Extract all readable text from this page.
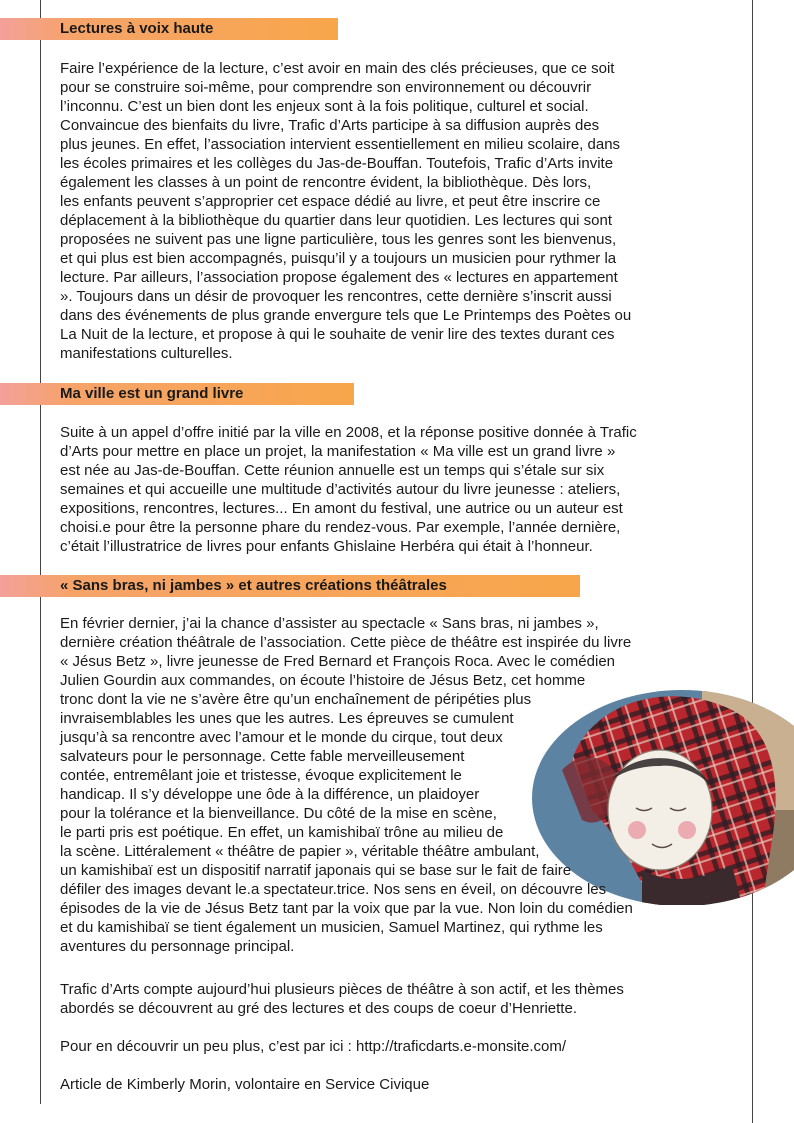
Lectures à voix haute
Faire l’expérience de la lecture, c’est avoir en main des clés précieuses, que ce soit
pour se construire soi-même, pour comprendre son environnement ou découvrir
l’inconnu. C’est un bien dont les enjeux sont à la fois politique, culturel et social.
Convaincue des bienfaits du livre, Trafic d’Arts participe à sa diffusion auprès des
plus jeunes. En effet, l’association intervient essentiellement en milieu scolaire, dans
les écoles primaires et les collèges du Jas-de-Bouffan. Toutefois, Trafic d’Arts invite
également les classes à un point de rencontre évident, la bibliothèque. Dès lors,
les enfants peuvent s’approprier cet espace dédié au livre, et peut être inscrire ce
déplacement à la bibliothèque du quartier dans leur quotidien. Les lectures qui sont
proposées ne suivent pas une ligne particulière, tous les genres sont les bienvenus,
et qui plus est bien accompagnés, puisqu’il y a toujours un musicien pour rythmer la
lecture. Par ailleurs, l’association propose également des « lectures en appartement
». Toujours dans un désir de provoquer les rencontres, cette dernière s’inscrit aussi
dans des événements de plus grande envergure tels que Le Printemps des Poètes ou
La Nuit de la lecture, et propose à qui le souhaite de venir lire des textes durant ces
manifestations culturelles.
Ma ville est un grand livre
Suite à un appel d’offre initié par la ville en 2008, et la réponse positive donnée à Trafic
d’Arts pour mettre en place un projet, la manifestation « Ma ville est un grand livre »
est née au Jas-de-Bouffan. Cette réunion annuelle est un temps qui s’étale sur six
semaines et qui accueille une multitude d’activités autour du livre jeunesse : ateliers,
expositions, rencontres, lectures... En amont du festival, une autrice ou un auteur est
choisi.e pour être la personne phare du rendez-vous. Par exemple, l’année dernière,
c’était l’illustratrice de livres pour enfants Ghislaine Herbéra qui était à l’honneur.
« Sans bras, ni jambes » et autres créations théâtrales
En février dernier, j’ai la chance d’assister au spectacle « Sans bras, ni jambes »,
dernière création théâtrale de l’association. Cette pièce de théâtre est inspirée du livre
« Jésus Betz », livre jeunesse de Fred Bernard et François Roca. Avec le comédien
Julien Gourdin aux commandes, on écoute l’histoire de Jésus Betz, cet homme
tronc dont la vie ne s’avère être qu’un enchaînement de péripéties plus
invraisemblables les unes que les autres. Les épreuves se cumulent
jusqu’à sa rencontre avec l’amour et le monde du cirque, tout deux
salvateurs pour le personnage. Cette fable merveilleusement
contée, entremêlant joie et tristesse, évoque explicitement le
handicap. Il s’y développe une ôde à la différence, un plaidoyer
pour la tolérance et la bienveillance. Du côté de la mise en scène,
le parti pris est poétique. En effet, un kamishibaï trône au milieu de
la scène. Littéralement « théâtre de papier », véritable théâtre ambulant,
un kamishibaï est un dispositif narratif japonais qui se base sur le fait de faire
défiler des images devant le.a spectateur.trice. Nos sens en éveil, on découvre les
épisodes de la vie de Jésus Betz tant par la voix que par la vue. Non loin du comédien
et du kamishibaï se tient également un musicien, Samuel Martinez, qui rythme les
aventures du personnage principal.
Trafic d’Arts compte aujourd’hui plusieurs pièces de théâtre à son actif, et les thèmes
abordés se découvrent au gré des lectures et des coups de coeur d’Henriette.
Pour en découvrir un peu plus, c’est par ici : http://traficdarts.e-monsite.com/
Article de Kimberly Morin, volontaire en Service Civique
